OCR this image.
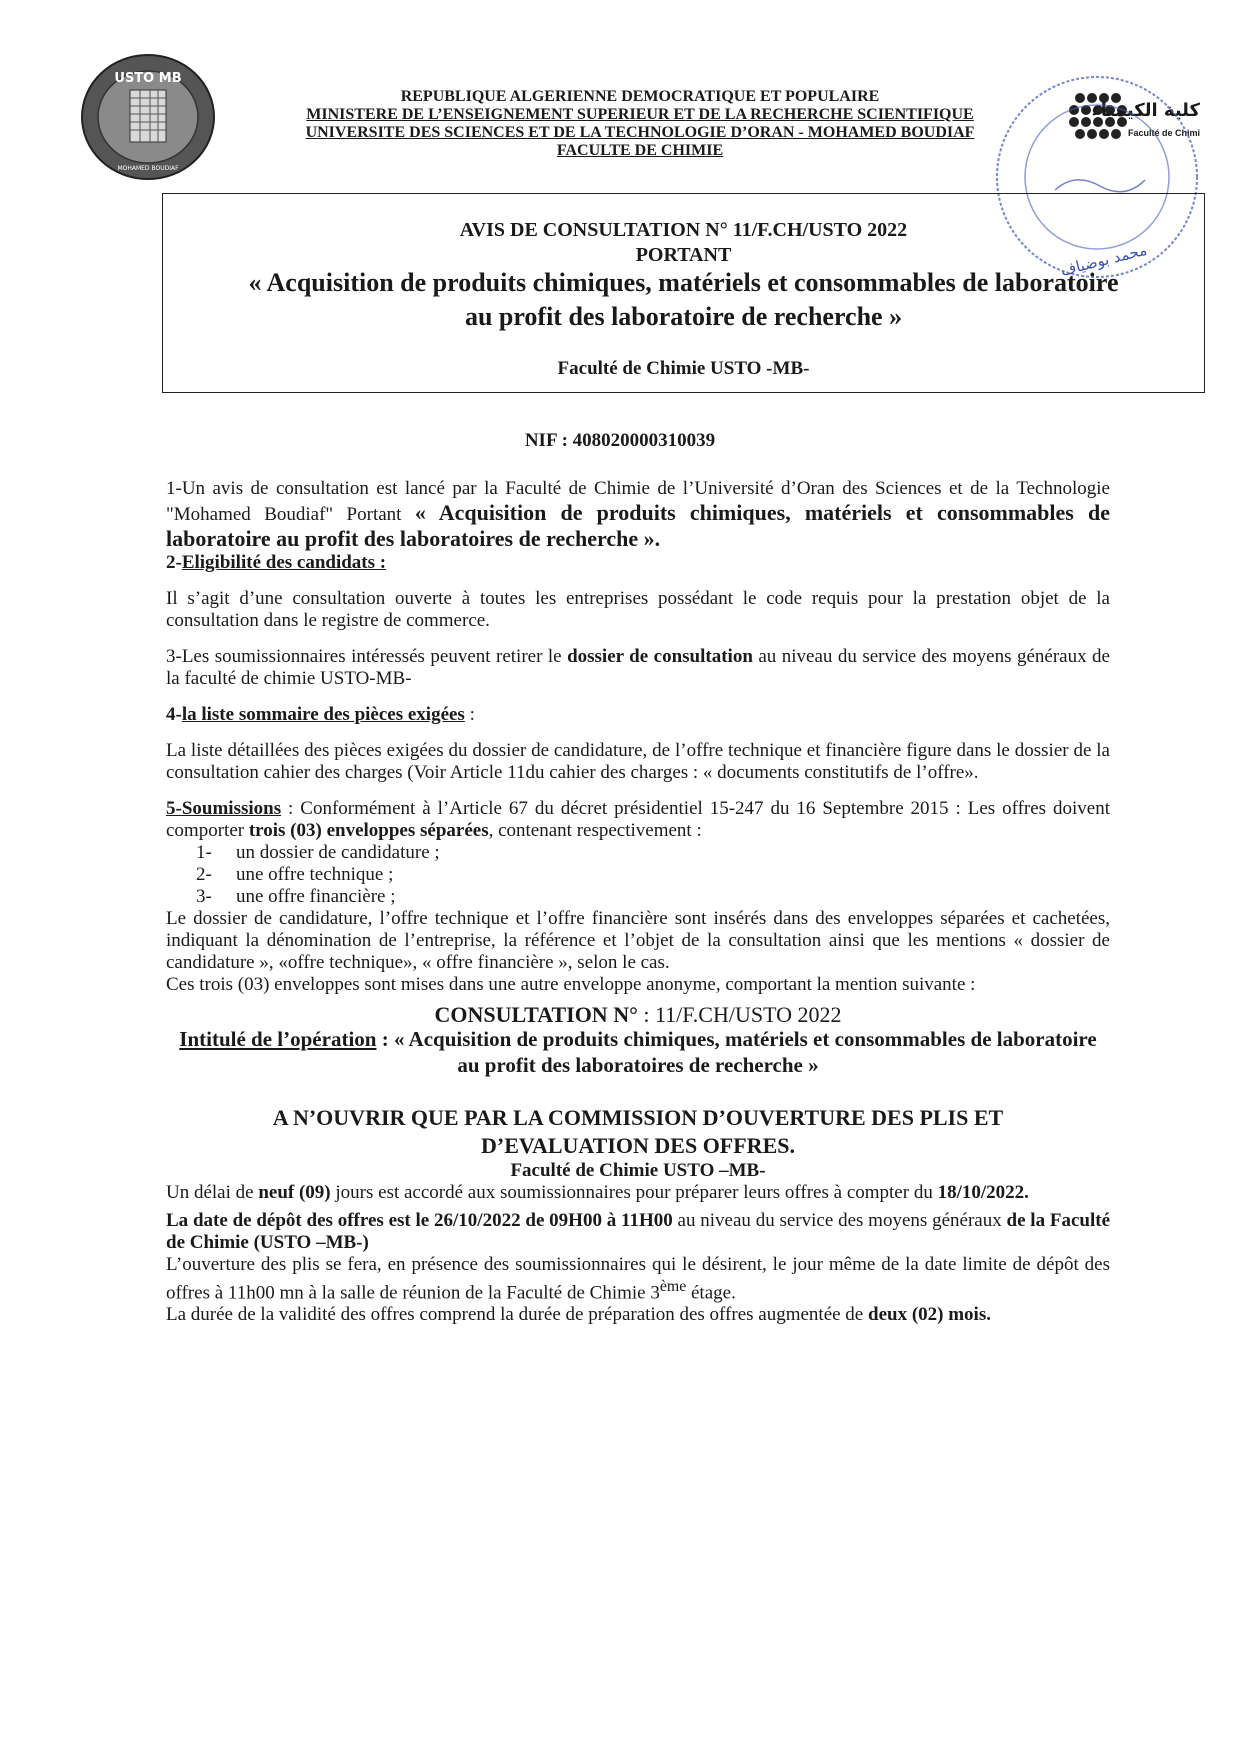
USTO MB
MOHAMED BOUDIAF
REPUBLIQUE ALGERIENNE DEMOCRATIQUE ET POPULAIRE
MINISTERE DE L’ENSEIGNEMENT SUPERIEUR ET DE LA RECHERCHE SCIENTIFIQUE
UNIVERSITE DES SCIENCES ET DE LA TECHNOLOGIE D’ORAN - MOHAMED BOUDIAF
FACULTE DE CHIMIE
كلية الكيمياء
Faculté de Chimi
محمد بوضياف
AVIS DE CONSULTATION N° 11/F.CH/USTO 2022
PORTANT
« Acquisition de produits chimiques, matériels et consommables de laboratoire
au profit des laboratoire de recherche »
Faculté de Chimie USTO -MB-
NIF : 408020000310039

1-Un avis de consultation est lancé par la Faculté de Chimie de l’Université d’Oran des Sciences et de la Technologie "Mohamed Boudiaf" Portant « Acquisition de produits chimiques, matériels et consommables de laboratoire au profit des laboratoires de recherche ».

2-Eligibilité des candidats :

Il s’agit d’une consultation ouverte à toutes les entreprises possédant le code requis pour la prestation objet de la consultation dans le registre de commerce.

3-Les soumissionnaires intéressés peuvent retirer le dossier de consultation au niveau du service des moyens généraux de la faculté de chimie USTO-MB-

4-la liste sommaire des pièces exigées :

La liste détaillées des pièces exigées du dossier de candidature, de l’offre technique et financière figure dans le dossier de la consultation cahier des charges (Voir Article 11du cahier des charges : « documents constitutifs de l’offre».

5-Soumissions : Conformément à l’Article 67 du décret présidentiel 15-247 du 16 Septembre 2015 : Les offres doivent comporter trois (03) enveloppes séparées, contenant respectivement :

1- un dossier de candidature ;
2- une offre technique ;
3- une offre financière ;

Le dossier de candidature, l’offre technique et l’offre financière sont insérés dans des enveloppes séparées et cachetées, indiquant la dénomination de l’entreprise, la référence et l’objet de la consultation ainsi que les mentions « dossier de candidature », «offre technique», « offre financière », selon le cas.

Ces trois (03) enveloppes sont mises dans une autre enveloppe anonyme, comportant la mention suivante :

CONSULTATION N° : 11/F.CH/USTO 2022
Intitulé de l’opération : « Acquisition de produits chimiques, matériels et consommables de laboratoire au profit des laboratoires de recherche »
A N’OUVRIR QUE PAR LA COMMISSION D’OUVERTURE DES PLIS ET
D’EVALUATION DES OFFRES.
Faculté de Chimie USTO –MB-

Un délai de neuf (09) jours est accordé aux soumissionnaires pour préparer leurs offres à compter du 18/10/2022.

La date de dépôt des offres est le 26/10/2022 de 09H00 à 11H00 au niveau du service des moyens généraux de la Faculté de Chimie (USTO –MB-)

L’ouverture des plis se fera, en présence des soumissionnaires qui le désirent, le jour même de la date limite de dépôt des offres à 11h00 mn à la salle de réunion de la Faculté de Chimie 3ème étage.

La durée de la validité des offres comprend la durée de préparation des offres augmentée de deux (02) mois.
